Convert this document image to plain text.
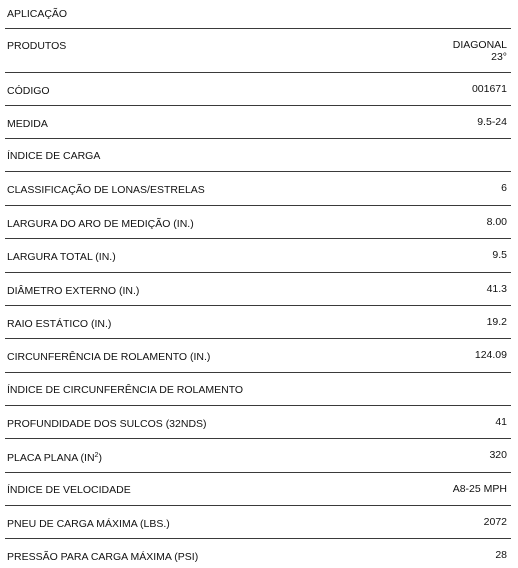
APLICAÇÃO
PRODUTOS	DIAGONAL
23°
CÓDIGO	001671
MEDIDA	9.5-24
ÍNDICE DE CARGA
CLASSIFICAÇÃO DE LONAS/ESTRELAS	6
LARGURA DO ARO DE MEDIÇÃO (IN.)	8.00
LARGURA TOTAL (IN.)	9.5
DIÂMETRO EXTERNO (IN.)	41.3
RAIO ESTÁTICO (IN.)	19.2
CIRCUNFERÊNCIA DE ROLAMENTO (IN.)	124.09
ÍNDICE DE CIRCUNFERÊNCIA DE ROLAMENTO
PROFUNDIDADE DOS SULCOS (32NDS)	41
PLACA PLANA $(IN^2)$	320
ÍNDICE DE VELOCIDADE	A8-25 MPH
PNEU DE CARGA MÁXIMA (LBS.)	2072
PRESSÃO PARA CARGA MÁXIMA (PSI)	28
